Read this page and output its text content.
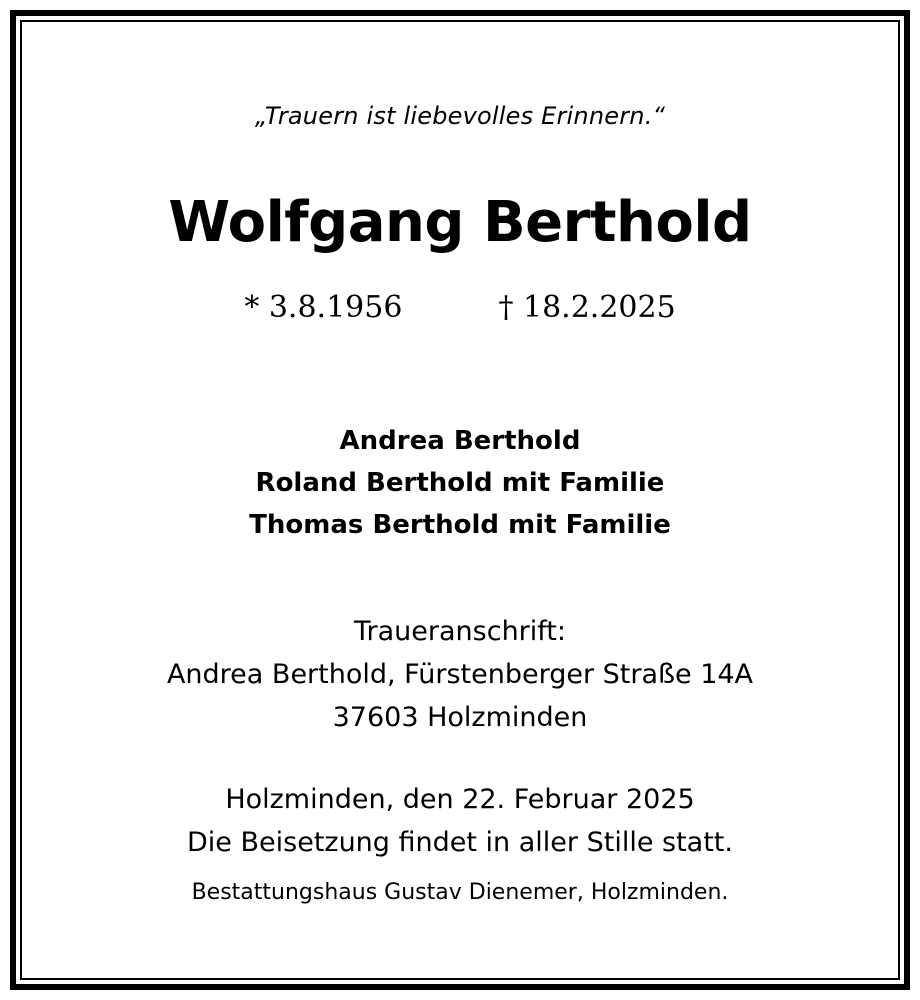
„Trauern ist liebevolles Erinnern.“
Wolfgang Berthold
* 3.8.1956	† 18.2.2025
Andrea Berthold
Roland Berthold mit Familie
Thomas Berthold mit Familie
Traueranschrift:
Andrea Berthold, Fürstenberger Straße 14A
37603 Holzminden
Holzminden, den 22. Februar 2025
Die Beisetzung findet in aller Stille statt.
Bestattungshaus Gustav Dienemer, Holzminden.
